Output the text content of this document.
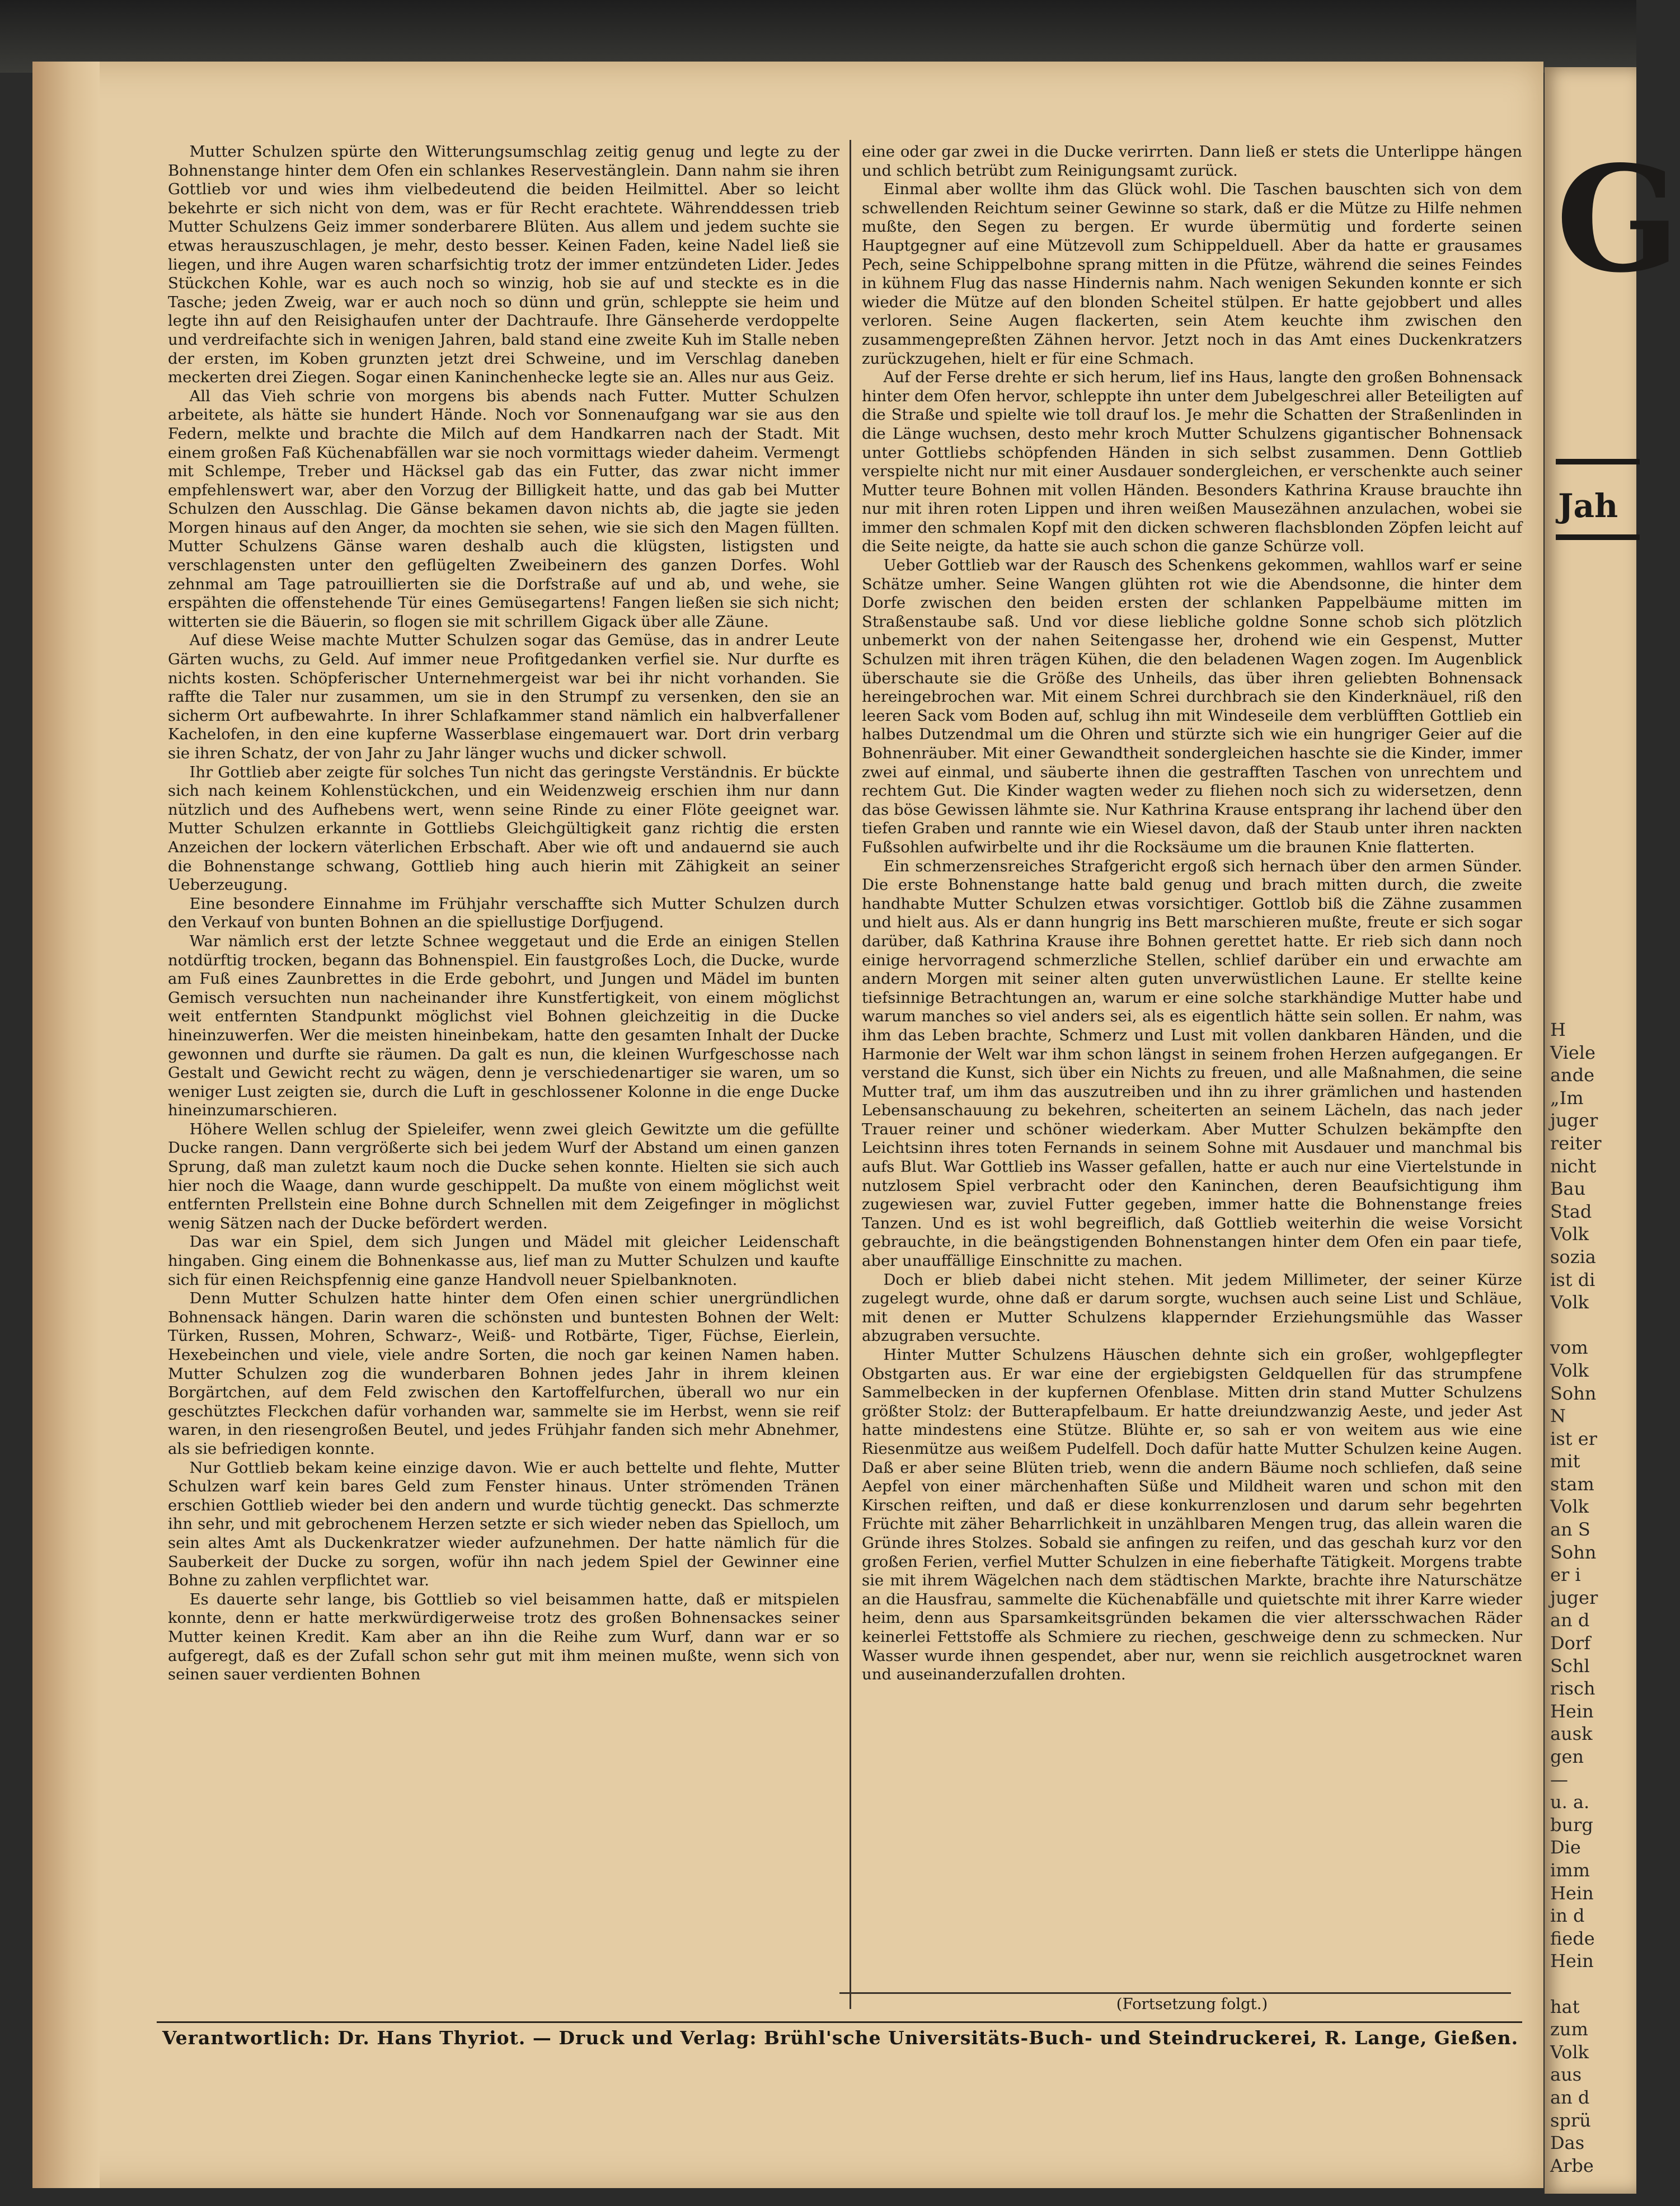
G
Jah
H
Viele
ande
„Im
juger
reiter
nicht
Bau
Stad
Volk
sozia
ist di
Volk

vom
Volk
Sohn
N
ist er
mit
stam
Volk
an S
Sohn
er i
juger
an d
Dorf
Schl
risch
Hein
ausk
gen
—
u. a.
burg
Die
imm
Hein
in d
fiede
Hein

hat
zum
Volk
aus
an d
sprü
Das
Arbe

Mutter Schulzen spürte den Witterungsumschlag zeitig genug und legte zu der Bohnenstange hinter dem Ofen ein schlankes Reservestänglein. Dann nahm sie ihren Gottlieb vor und wies ihm vielbedeutend die beiden Heilmittel. Aber so leicht bekehrte er sich nicht von dem, was er für Recht erachtete. Währenddessen trieb Mutter Schulzens Geiz immer sonderbarere Blüten. Aus allem und jedem suchte sie etwas herauszuschlagen, je mehr, desto besser. Keinen Faden, keine Nadel ließ sie liegen, und ihre Augen waren scharfsichtig trotz der immer entzündeten Lider. Jedes Stückchen Kohle, war es auch noch so winzig, hob sie auf und steckte es in die Tasche; jeden Zweig, war er auch noch so dünn und grün, schleppte sie heim und legte ihn auf den Reisighaufen unter der Dachtraufe. Ihre Gänseherde verdoppelte und verdreifachte sich in wenigen Jahren, bald stand eine zweite Kuh im Stalle neben der ersten, im Koben grunzten jetzt drei Schweine, und im Verschlag daneben meckerten drei Ziegen. Sogar einen Kaninchenhecke legte sie an. Alles nur aus Geiz.

All das Vieh schrie von morgens bis abends nach Futter. Mutter Schulzen arbeitete, als hätte sie hundert Hände. Noch vor Sonnenaufgang war sie aus den Federn, melkte und brachte die Milch auf dem Handkarren nach der Stadt. Mit einem großen Faß Küchenabfällen war sie noch vormittags wieder daheim. Vermengt mit Schlempe, Treber und Häcksel gab das ein Futter, das zwar nicht immer empfehlenswert war, aber den Vorzug der Billigkeit hatte, und das gab bei Mutter Schulzen den Ausschlag. Die Gänse bekamen davon nichts ab, die jagte sie jeden Morgen hinaus auf den Anger, da mochten sie sehen, wie sie sich den Magen füllten. Mutter Schulzens Gänse waren deshalb auch die klügsten, listigsten und verschlagensten unter den geflügelten Zweibeinern des ganzen Dorfes. Wohl zehnmal am Tage patrouillierten sie die Dorfstraße auf und ab, und wehe, sie erspähten die offenstehende Tür eines Gemüsegartens! Fangen ließen sie sich nicht; witterten sie die Bäuerin, so flogen sie mit schrillem Gigack über alle Zäune.

Auf diese Weise machte Mutter Schulzen sogar das Gemüse, das in andrer Leute Gärten wuchs, zu Geld. Auf immer neue Profitgedanken verfiel sie. Nur durfte es nichts kosten. Schöpferischer Unternehmergeist war bei ihr nicht vorhanden. Sie raffte die Taler nur zusammen, um sie in den Strumpf zu versenken, den sie an sicherm Ort aufbewahrte. In ihrer Schlafkammer stand nämlich ein halbverfallener Kachelofen, in den eine kupferne Wasserblase eingemauert war. Dort drin verbarg sie ihren Schatz, der von Jahr zu Jahr länger wuchs und dicker schwoll.

Ihr Gottlieb aber zeigte für solches Tun nicht das geringste Verständnis. Er bückte sich nach keinem Kohlenstückchen, und ein Weidenzweig erschien ihm nur dann nützlich und des Aufhebens wert, wenn seine Rinde zu einer Flöte geeignet war. Mutter Schulzen erkannte in Gottliebs Gleichgültigkeit ganz richtig die ersten Anzeichen der lockern väterlichen Erbschaft. Aber wie oft und andauernd sie auch die Bohnenstange schwang, Gottlieb hing auch hierin mit Zähigkeit an seiner Ueberzeugung.

Eine besondere Einnahme im Frühjahr verschaffte sich Mutter Schulzen durch den Verkauf von bunten Bohnen an die spiellustige Dorfjugend.

War nämlich erst der letzte Schnee weggetaut und die Erde an einigen Stellen notdürftig trocken, begann das Bohnenspiel. Ein faustgroßes Loch, die Ducke, wurde am Fuß eines Zaunbrettes in die Erde gebohrt, und Jungen und Mädel im bunten Gemisch versuchten nun nacheinander ihre Kunstfertigkeit, von einem möglichst weit entfernten Standpunkt möglichst viel Bohnen gleichzeitig in die Ducke hineinzuwerfen. Wer die meisten hineinbekam, hatte den gesamten Inhalt der Ducke gewonnen und durfte sie räumen. Da galt es nun, die kleinen Wurfgeschosse nach Gestalt und Gewicht recht zu wägen, denn je verschiedenartiger sie waren, um so weniger Lust zeigten sie, durch die Luft in geschlossener Kolonne in die enge Ducke hineinzumarschieren.

Höhere Wellen schlug der Spieleifer, wenn zwei gleich Gewitzte um die gefüllte Ducke rangen. Dann vergrößerte sich bei jedem Wurf der Abstand um einen ganzen Sprung, daß man zuletzt kaum noch die Ducke sehen konnte. Hielten sie sich auch hier noch die Waage, dann wurde geschippelt. Da mußte von einem möglichst weit entfernten Prellstein eine Bohne durch Schnellen mit dem Zeigefinger in möglichst wenig Sätzen nach der Ducke befördert werden.

Das war ein Spiel, dem sich Jungen und Mädel mit gleicher Leidenschaft hingaben. Ging einem die Bohnenkasse aus, lief man zu Mutter Schulzen und kaufte sich für einen Reichspfennig eine ganze Handvoll neuer Spielbanknoten.

Denn Mutter Schulzen hatte hinter dem Ofen einen schier unergründlichen Bohnensack hängen. Darin waren die schönsten und buntesten Bohnen der Welt: Türken, Russen, Mohren, Schwarz-, Weiß- und Rotbärte, Tiger, Füchse, Eierlein, Hexebeinchen und viele, viele andre Sorten, die noch gar keinen Namen haben. Mutter Schulzen zog die wunderbaren Bohnen jedes Jahr in ihrem kleinen Borgärtchen, auf dem Feld zwischen den Kartoffelfurchen, überall wo nur ein geschütztes Fleckchen dafür vorhanden war, sammelte sie im Herbst, wenn sie reif waren, in den riesengroßen Beutel, und jedes Frühjahr fanden sich mehr Abnehmer, als sie befriedigen konnte.

Nur Gottlieb bekam keine einzige davon. Wie er auch bettelte und flehte, Mutter Schulzen warf kein bares Geld zum Fenster hinaus. Unter strömenden Tränen erschien Gottlieb wieder bei den andern und wurde tüchtig geneckt. Das schmerzte ihn sehr, und mit gebrochenem Herzen setzte er sich wieder neben das Spielloch, um sein altes Amt als Duckenkratzer wieder aufzunehmen. Der hatte nämlich für die Sauberkeit der Ducke zu sorgen, wofür ihn nach jedem Spiel der Gewinner eine Bohne zu zahlen verpflichtet war.

Es dauerte sehr lange, bis Gottlieb so viel beisammen hatte, daß er mitspielen konnte, denn er hatte merkwürdigerweise trotz des großen Bohnensackes seiner Mutter keinen Kredit. Kam aber an ihn die Reihe zum Wurf, dann war er so aufgeregt, daß es der Zufall schon sehr gut mit ihm meinen mußte, wenn sich von seinen sauer verdienten Bohnen

eine oder gar zwei in die Ducke verirrten. Dann ließ er stets die Unterlippe hängen und schlich betrübt zum Reinigungsamt zurück.

Einmal aber wollte ihm das Glück wohl. Die Taschen bauschten sich von dem schwellenden Reichtum seiner Gewinne so stark, daß er die Mütze zu Hilfe nehmen mußte, den Segen zu bergen. Er wurde übermütig und forderte seinen Hauptgegner auf eine Mützevoll zum Schippelduell. Aber da hatte er grausames Pech, seine Schippelbohne sprang mitten in die Pfütze, während die seines Feindes in kühnem Flug das nasse Hindernis nahm. Nach wenigen Sekunden konnte er sich wieder die Mütze auf den blonden Scheitel stülpen. Er hatte gejobbert und alles verloren. Seine Augen flackerten, sein Atem keuchte ihm zwischen den zusammengepreßten Zähnen hervor. Jetzt noch in das Amt eines Duckenkratzers zurückzugehen, hielt er für eine Schmach.

Auf der Ferse drehte er sich herum, lief ins Haus, langte den großen Bohnensack hinter dem Ofen hervor, schleppte ihn unter dem Jubelgeschrei aller Beteiligten auf die Straße und spielte wie toll drauf los. Je mehr die Schatten der Straßenlinden in die Länge wuchsen, desto mehr kroch Mutter Schulzens gigantischer Bohnensack unter Gottliebs schöpfenden Händen in sich selbst zusammen. Denn Gottlieb verspielte nicht nur mit einer Ausdauer sondergleichen, er verschenkte auch seiner Mutter teure Bohnen mit vollen Händen. Besonders Kathrina Krause brauchte ihn nur mit ihren roten Lippen und ihren weißen Mausezähnen anzulachen, wobei sie immer den schmalen Kopf mit den dicken schweren flachsblonden Zöpfen leicht auf die Seite neigte, da hatte sie auch schon die ganze Schürze voll.

Ueber Gottlieb war der Rausch des Schenkens gekommen, wahllos warf er seine Schätze umher. Seine Wangen glühten rot wie die Abendsonne, die hinter dem Dorfe zwischen den beiden ersten der schlanken Pappelbäume mitten im Straßenstaube saß. Und vor diese liebliche goldne Sonne schob sich plötzlich unbemerkt von der nahen Seitengasse her, drohend wie ein Gespenst, Mutter Schulzen mit ihren trägen Kühen, die den beladenen Wagen zogen. Im Augenblick überschaute sie die Größe des Unheils, das über ihren geliebten Bohnensack hereingebrochen war. Mit einem Schrei durchbrach sie den Kinderknäuel, riß den leeren Sack vom Boden auf, schlug ihn mit Windeseile dem verblüfften Gottlieb ein halbes Dutzendmal um die Ohren und stürzte sich wie ein hungriger Geier auf die Bohnenräuber. Mit einer Gewandtheit sondergleichen haschte sie die Kinder, immer zwei auf einmal, und säuberte ihnen die gestrafften Taschen von unrechtem und rechtem Gut. Die Kinder wagten weder zu fliehen noch sich zu widersetzen, denn das böse Gewissen lähmte sie. Nur Kathrina Krause entsprang ihr lachend über den tiefen Graben und rannte wie ein Wiesel davon, daß der Staub unter ihren nackten Fußsohlen aufwirbelte und ihr die Rocksäume um die braunen Knie flatterten.

Ein schmerzensreiches Strafgericht ergoß sich hernach über den armen Sünder. Die erste Bohnenstange hatte bald genug und brach mitten durch, die zweite handhabte Mutter Schulzen etwas vorsichtiger. Gottlob biß die Zähne zusammen und hielt aus. Als er dann hungrig ins Bett marschieren mußte, freute er sich sogar darüber, daß Kathrina Krause ihre Bohnen gerettet hatte. Er rieb sich dann noch einige hervorragend schmerzliche Stellen, schlief darüber ein und erwachte am andern Morgen mit seiner alten guten unverwüstlichen Laune. Er stellte keine tiefsinnige Betrachtungen an, warum er eine solche starkhändige Mutter habe und warum manches so viel anders sei, als es eigentlich hätte sein sollen. Er nahm, was ihm das Leben brachte, Schmerz und Lust mit vollen dankbaren Händen, und die Harmonie der Welt war ihm schon längst in seinem frohen Herzen aufgegangen. Er verstand die Kunst, sich über ein Nichts zu freuen, und alle Maßnahmen, die seine Mutter traf, um ihm das auszutreiben und ihn zu ihrer grämlichen und hastenden Lebensanschauung zu bekehren, scheiterten an seinem Lächeln, das nach jeder Trauer reiner und schöner wiederkam. Aber Mutter Schulzen bekämpfte den Leichtsinn ihres toten Fernands in seinem Sohne mit Ausdauer und manchmal bis aufs Blut. War Gottlieb ins Wasser gefallen, hatte er auch nur eine Viertelstunde in nutzlosem Spiel verbracht oder den Kaninchen, deren Beaufsichtigung ihm zugewiesen war, zuviel Futter gegeben, immer hatte die Bohnenstange freies Tanzen. Und es ist wohl begreiflich, daß Gottlieb weiterhin die weise Vorsicht gebrauchte, in die beängstigenden Bohnenstangen hinter dem Ofen ein paar tiefe, aber unauffällige Einschnitte zu machen.

Doch er blieb dabei nicht stehen. Mit jedem Millimeter, der seiner Kürze zugelegt wurde, ohne daß er darum sorgte, wuchsen auch seine List und Schläue, mit denen er Mutter Schulzens klappernder Erziehungsmühle das Wasser abzugraben versuchte.

Hinter Mutter Schulzens Häuschen dehnte sich ein großer, wohlgepflegter Obstgarten aus. Er war eine der ergiebigsten Geldquellen für das strumpfene Sammelbecken in der kupfernen Ofenblase. Mitten drin stand Mutter Schulzens größter Stolz: der Butterapfelbaum. Er hatte dreiundzwanzig Aeste, und jeder Ast hatte mindestens eine Stütze. Blühte er, so sah er von weitem aus wie eine Riesenmütze aus weißem Pudelfell. Doch dafür hatte Mutter Schulzen keine Augen. Daß er aber seine Blüten trieb, wenn die andern Bäume noch schliefen, daß seine Aepfel von einer märchenhaften Süße und Mildheit waren und schon mit den Kirschen reiften, und daß er diese konkurrenzlosen und darum sehr begehrten Früchte mit zäher Beharrlichkeit in unzählbaren Mengen trug, das allein waren die Gründe ihres Stolzes. Sobald sie anfingen zu reifen, und das geschah kurz vor den großen Ferien, verfiel Mutter Schulzen in eine fieberhafte Tätigkeit. Morgens trabte sie mit ihrem Wägelchen nach dem städtischen Markte, brachte ihre Naturschätze an die Hausfrau, sammelte die Küchenabfälle und quietschte mit ihrer Karre wieder heim, denn aus Sparsamkeitsgründen bekamen die vier altersschwachen Räder keinerlei Fettstoffe als Schmiere zu riechen, geschweige denn zu schmecken. Nur Wasser wurde ihnen gespendet, aber nur, wenn sie reichlich ausgetrocknet waren und auseinanderzufallen drohten.

(Fortsetzung folgt.)
Verantwortlich: Dr. Hans Thyriot. — Druck und Verlag: Brühl'sche Universitäts-Buch- und Steindruckerei, R. Lange, Gießen.
